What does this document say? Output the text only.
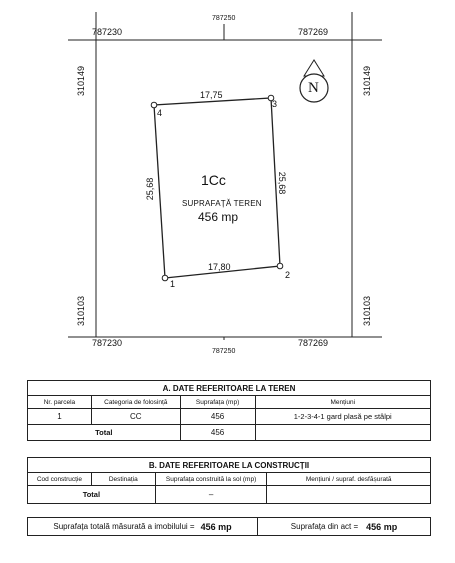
787250
787230	787269
787230
787250
787269
310149
310103
310149
310103
N
17,75
17,80
25,68	25,68
1
2
3
4
1Cc
SUPRAFAȚĂ TEREN
456 mp
A. DATE REFERITOARE LA TEREN			
Nr. parcela	Categoria de folosință	Suprafața (mp)	Mențiuni
1	CC	456	1-2-3-4-1 gard plasă pe stâlpi
Total		456	
B. DATE REFERITOARE LA CONSTRUCȚII			
Cod construcție	Destinația	Suprafața construită la sol (mp)	Mențiuni / supraf. desfășurată
Total		–	
Suprafața totală măsurată a imobilului = 456 mp	Suprafața din act = 456 mp
